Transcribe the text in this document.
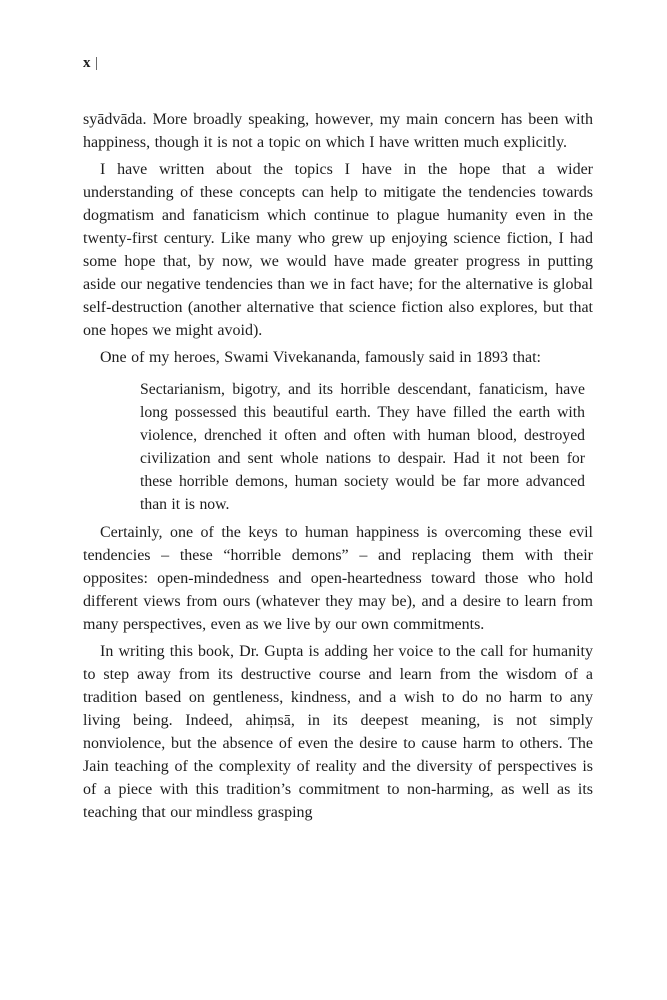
x |

syādvāda. More broadly speaking, however, my main concern has been with happiness, though it is not a topic on which I have written much explicitly.

I have written about the topics I have in the hope that a wider understanding of these concepts can help to mitigate the tendencies towards dogmatism and fanaticism which continue to plague humanity even in the twenty-first century. Like many who grew up enjoying science fiction, I had some hope that, by now, we would have made greater progress in putting aside our negative tendencies than we in fact have; for the alternative is global self-destruction (another alternative that science fiction also explores, but that one hopes we might avoid).

One of my heroes, Swami Vivekananda, famously said in 1893 that:

Sectarianism, bigotry, and its horrible descendant, fanaticism, have long possessed this beautiful earth. They have filled the earth with violence, drenched it often and often with human blood, destroyed civilization and sent whole nations to despair. Had it not been for these horrible demons, human society would be far more advanced than it is now.

Certainly, one of the keys to human happiness is overcoming these evil tendencies – these “horrible demons” – and replacing them with their opposites: open-mindedness and open-heartedness toward those who hold different views from ours (whatever they may be), and a desire to learn from many perspectives, even as we live by our own commitments.

In writing this book, Dr. Gupta is adding her voice to the call for humanity to step away from its destructive course and learn from the wisdom of a tradition based on gentleness, kindness, and a wish to do no harm to any living being. Indeed, ahiṃsā, in its deepest meaning, is not simply nonviolence, but the absence of even the desire to cause harm to others. The Jain teaching of the complexity of reality and the diversity of perspectives is of a piece with this tradition’s commitment to non-harming, as well as its teaching that our mindless grasping
